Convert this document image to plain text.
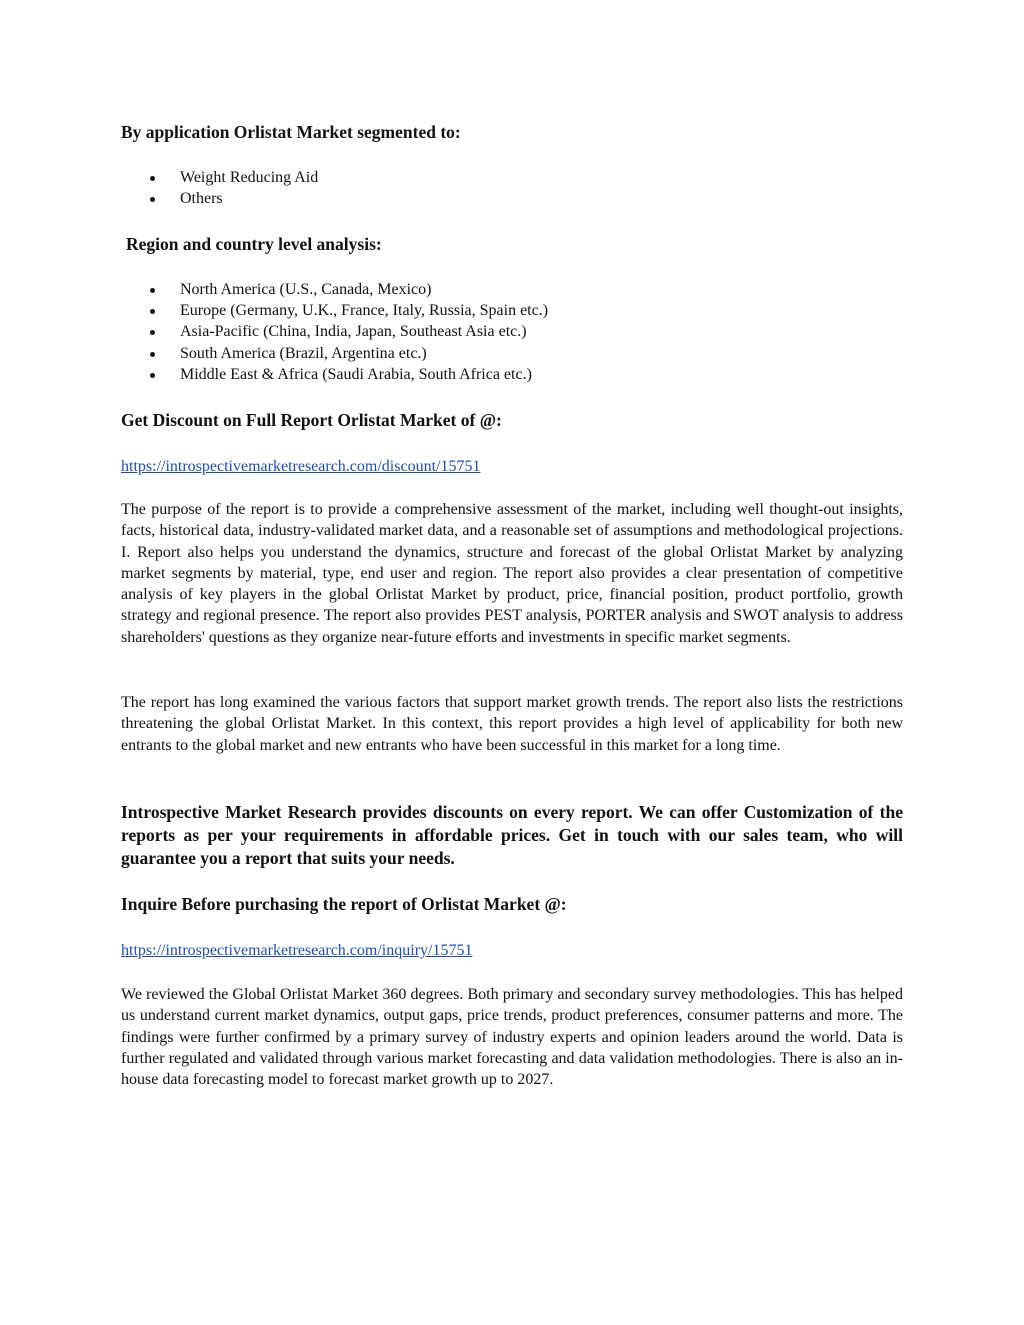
By application Orlistat Market segmented to:
Weight Reducing Aid
Others
Region and country level analysis:
North America (U.S., Canada, Mexico)
Europe (Germany, U.K., France, Italy, Russia, Spain etc.)
Asia-Pacific (China, India, Japan, Southeast Asia etc.)
South America (Brazil, Argentina etc.)
Middle East & Africa (Saudi Arabia, South Africa etc.)
Get Discount on Full Report Orlistat Market of @:
https://introspectivemarketresearch.com/discount/15751

The purpose of the report is to provide a comprehensive assessment of the market, including well thought-out insights, facts, historical data, industry-validated market data, and a reasonable set of assumptions and methodological projections. I. Report also helps you understand the dynamics, structure and forecast of the global Orlistat Market by analyzing market segments by material, type, end user and region. The report also provides a clear presentation of competitive analysis of key players in the global Orlistat Market by product, price, financial position, product portfolio, growth strategy and regional presence. The report also provides PEST analysis, PORTER analysis and SWOT analysis to address shareholders' questions as they organize near-future efforts and investments in specific market segments.

The report has long examined the various factors that support market growth trends. The report also lists the restrictions threatening the global Orlistat Market. In this context, this report provides a high level of applicability for both new entrants to the global market and new entrants who have been successful in this market for a long time.

Introspective Market Research provides discounts on every report. We can offer Customization of the reports as per your requirements in affordable prices. Get in touch with our sales team, who will guarantee you a report that suits your needs.

Inquire Before purchasing the report of Orlistat Market @:
https://introspectivemarketresearch.com/inquiry/15751

We reviewed the Global Orlistat Market 360 degrees. Both primary and secondary survey methodologies. This has helped us understand current market dynamics, output gaps, price trends, product preferences, consumer patterns and more. The findings were further confirmed by a primary survey of industry experts and opinion leaders around the world. Data is further regulated and validated through various market forecasting and data validation methodologies. There is also an in-house data forecasting model to forecast market growth up to 2027.
